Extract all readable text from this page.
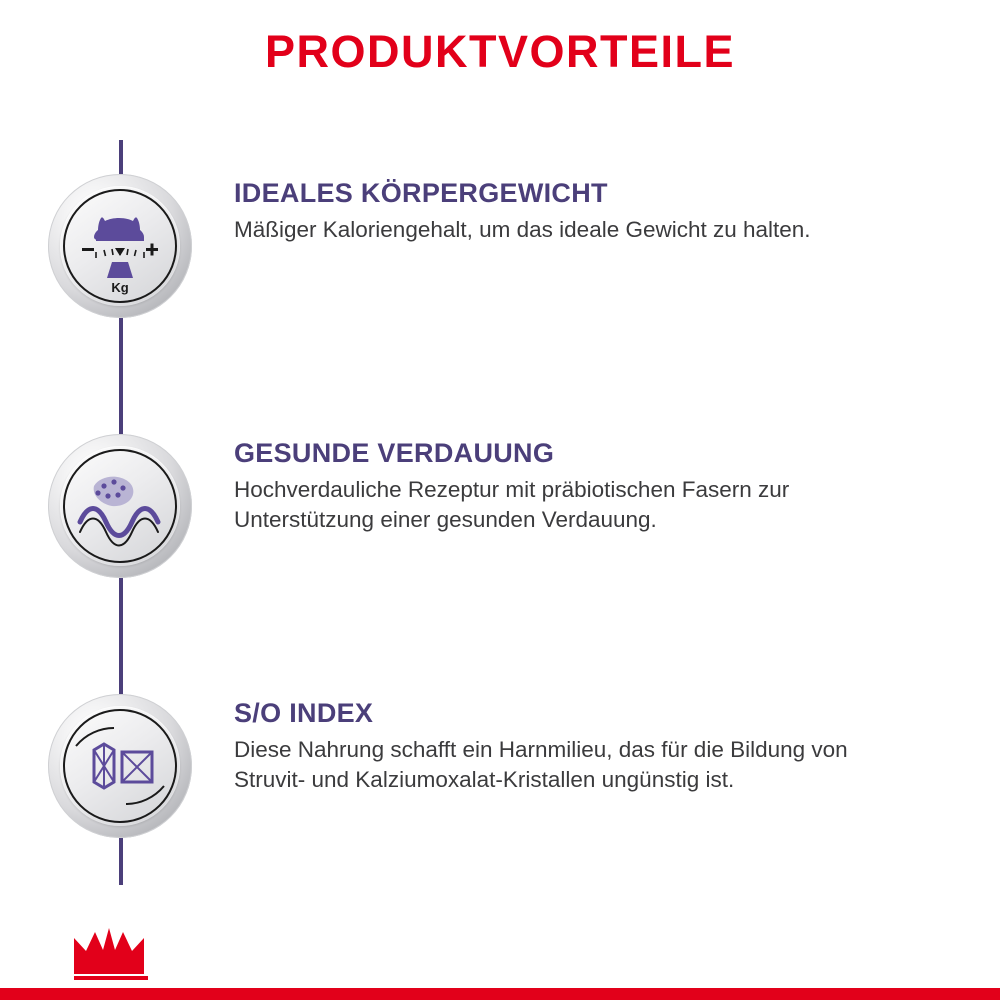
PRODUKTVORTEILE
Kg

IDEALES KÖRPERGEWICHT

Mäßiger Kaloriengehalt, um das ideale Gewicht zu halten.

GESUNDE VERDAUUNG

Hochverdauliche Rezeptur mit präbiotischen Fasern zur Unterstützung einer gesunden Verdauung.

S/O INDEX

Diese Nahrung schafft ein Harnmilieu, das für die Bildung von Struvit- und Kalziumoxalat-Kristallen ungünstig ist.
